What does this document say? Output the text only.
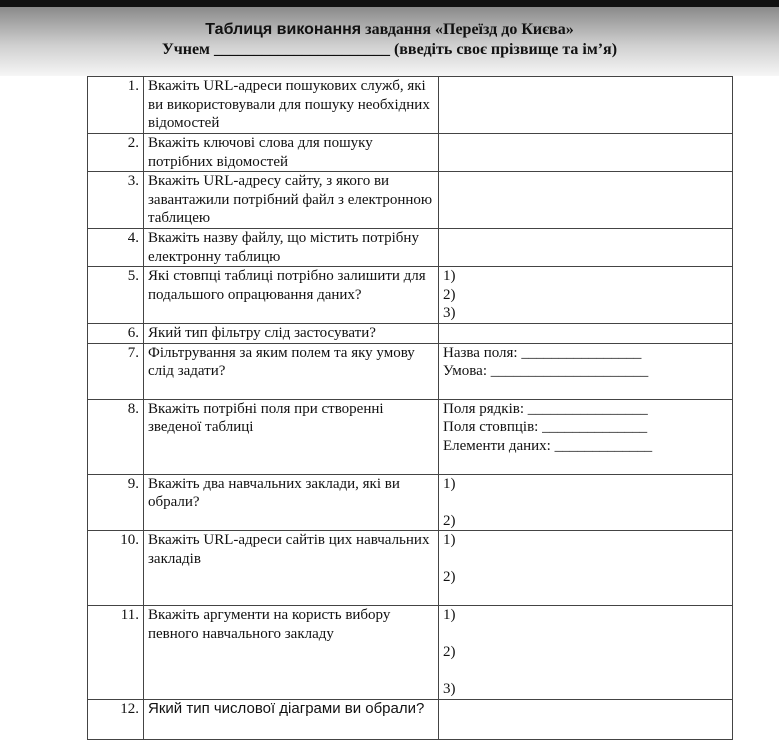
Таблиця виконання завдання «Переїзд до Києва»
Учнем ______________________ (введіть своє прізвище та ім’я)
1.	Вкажіть URL-адреси пошукових служб, які ви використовували для пошуку необхідних відомостей	
2.	Вкажіть ключові слова для пошуку потрібних відомостей	
3.	Вкажіть URL-адресу сайту, з якого ви завантажили потрібний файл з електронною таблицею	
4.	Вкажіть назву файлу, що містить потрібну електронну таблицю	
5.	Які стовпці таблиці потрібно залишити для подальшого опрацювання даних?	1)
2)
3)

6.	Який тип фільтру слід застосувати?	
7.	Фільтрування за яким полем та яку умову слід задати?	Назва поля: ________________
Умова: _____________________

8.	Вкажіть потрібні поля при створенні зведеної таблиці	Поля рядків: ________________
Поля стовпців: ______________
Елементи даних: _____________

9.	Вкажіть два навчальних заклади, які ви обрали?	1)

2)

10.	Вкажіть URL-адреси сайтів цих навчальних закладів	1)

2)

11.	Вкажіть аргументи на користь вибору певного навчального закладу	1)

2)

3)

12.	Який тип числової діаграми ви обрали?	
